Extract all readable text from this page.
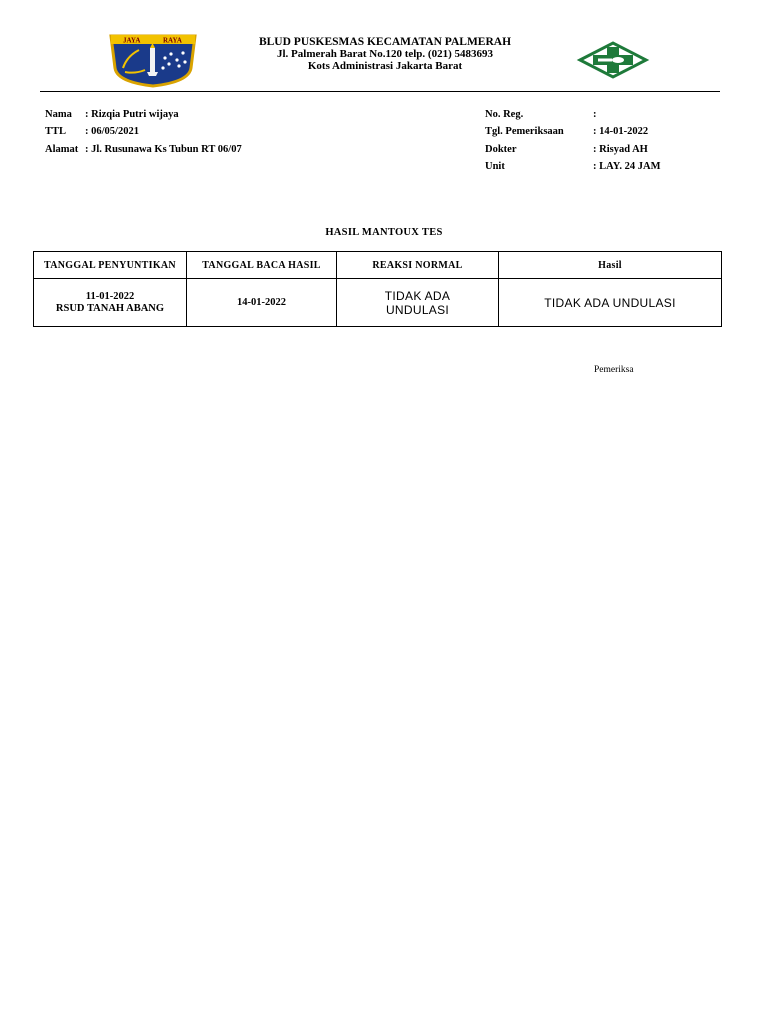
JAYA	RAYA	BLUD PUSKESMAS KECAMATAN PALMERAH
Jl. Palmerah Barat No.120 telp. (021) 5483693
Kots Administrasi Jakarta Barat
Nama : Rizqia Putri wijaya
TTL : 06/05/2021
Alamat : Jl. Rusunawa Ks Tubun RT 06/07
No. Reg.	:
Tgl. Pemeriksaan	: 14-01-2022
Dokter	: Risyad AH
Unit	: LAY. 24 JAM
HASIL MANTOUX TES
TANGGAL PENYUNTIKAN	TANGGAL BACA HASIL	REAKSI NORMAL	Hasil

11-01-2022
RSUD TANAH ABANG	14-01-2022	TIDAK ADA UNDULASI	TIDAK ADA UNDULASI
Pemeriksa
